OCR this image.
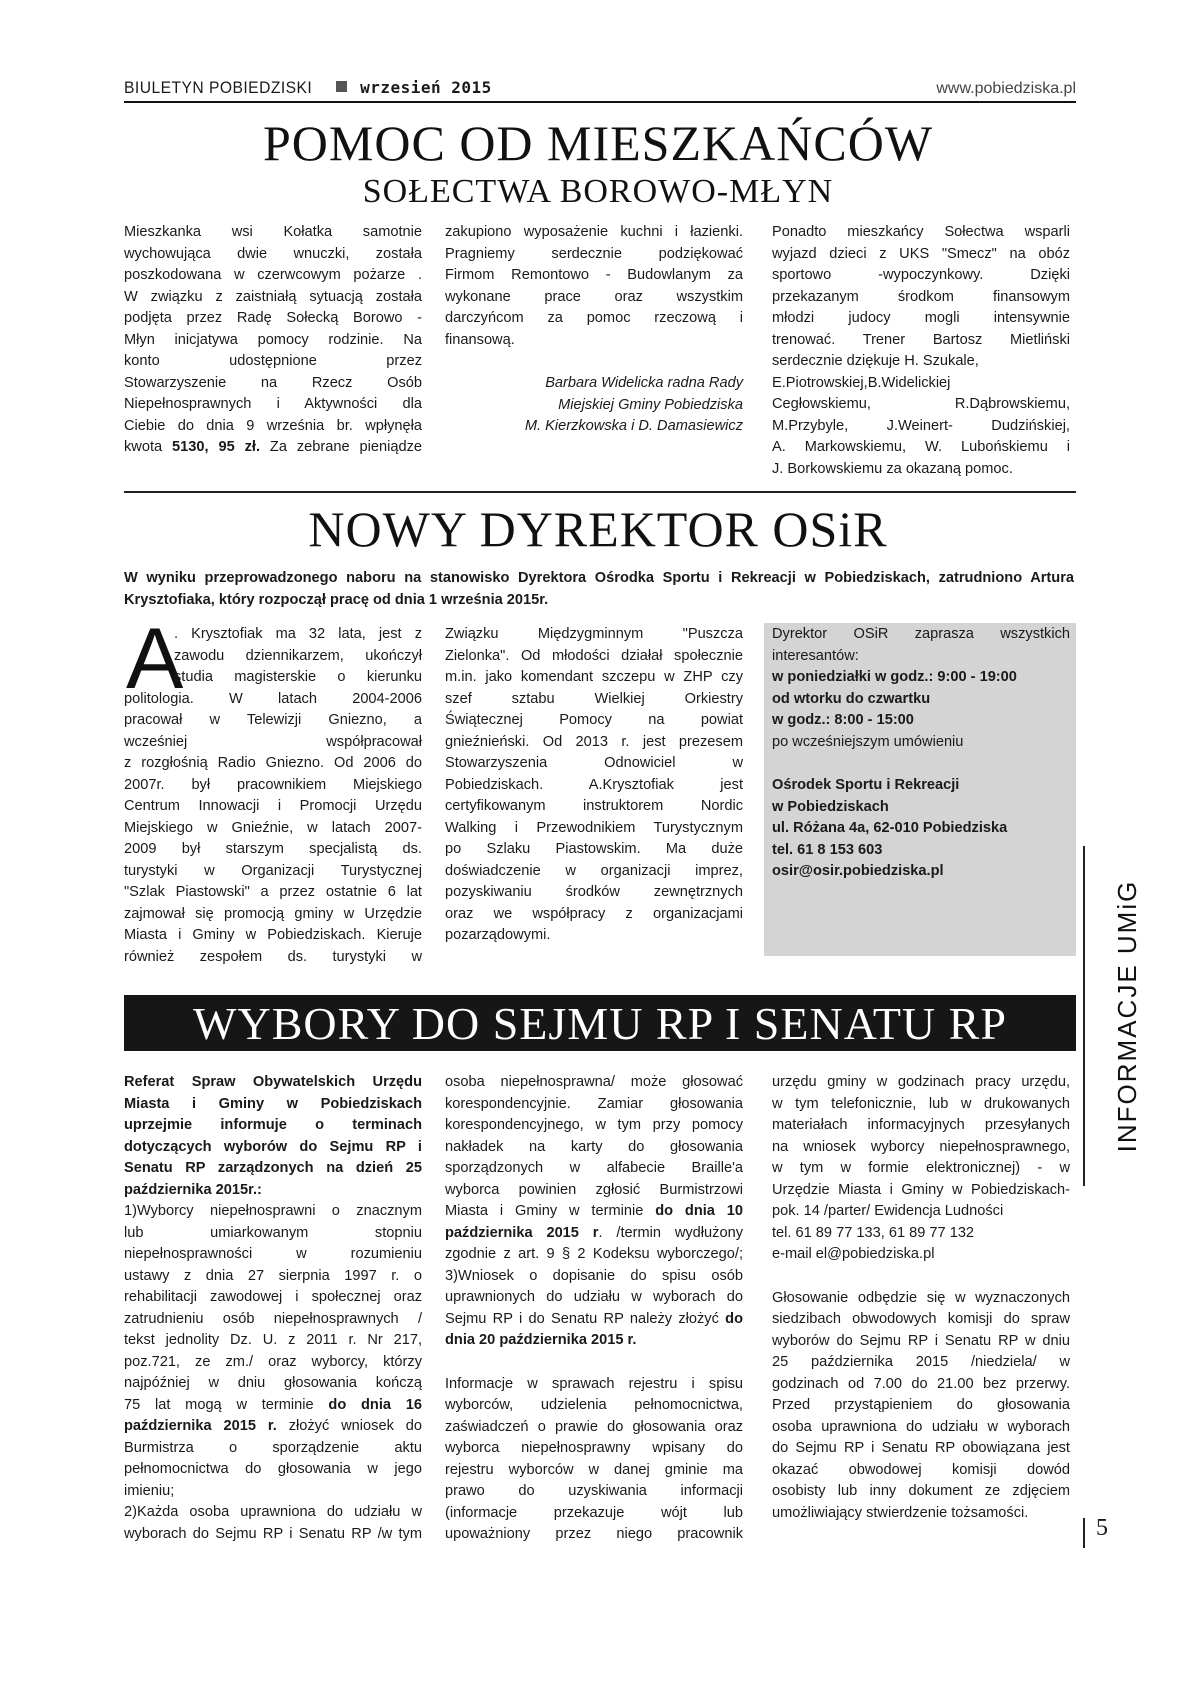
BIULETYN POBIEDZISKI	wrzesień 2015	www.pobiedziska.pl
POMOC OD MIESZKAŃCÓW
SOŁECTWA BOROWO-MŁYN
Mieszkanka wsi Kołatka samotnie
wychowująca dwie wnuczki, została
poszkodowana w czerwcowym pożarze .
W związku z zaistniałą sytuacją została
podjęta przez Radę Sołecką Borowo -
Młyn inicjatywa pomocy rodzinie. Na
konto udostępnione przez
Stowarzyszenie na Rzecz Osób
Niepełnosprawnych i Aktywności dla
Ciebie do dnia 9 września br. wpłynęła
kwota 5130, 95 zł. Za zebrane pieniądze
zakupiono wyposażenie kuchni i łazienki.
Pragniemy serdecznie podziękować
Firmom Remontowo - Budowlanym za
wykonane prace oraz wszystkim
darczyńcom za pomoc rzeczową i
finansową.
Barbara Widelicka radna Rady
Miejskiej Gminy Pobiedziska
M. Kierzkowska i D. Damasiewicz
Ponadto mieszkańcy Sołectwa wsparli
wyjazd dzieci z UKS "Smecz" na obóz
sportowo -wypoczynkowy. Dzięki
przekazanym środkom finansowym
młodzi judocy mogli intensywnie
trenować. Trener Bartosz Mietliński
serdecznie dziękuje H. Szukale,
E.Piotrowskiej,B.Widelickiej
Cegłowskiemu, R.Dąbrowskiemu,
M.Przybyle, J.Weinert- Dudzińskiej,
A. Markowskiemu, W. Lubońskiemu i
J. Borkowskiemu za okazaną pomoc.
NOWY DYREKTOR OSiR
W wyniku przeprowadzonego naboru na stanowisko Dyrektora Ośrodka Sportu i Rekreacji w Pobiedziskach, zatrudniono Artura
Krysztofiaka, który rozpoczął pracę od dnia 1 września 2015r.
A
. Krysztofiak ma 32 lata, jest z
zawodu dziennikarzem, ukończył
studia magisterskie o kierunku
politologia. W latach 2004-2006
pracował w Telewizji Gniezno, a
wcześniej współpracował
z rozgłośnią Radio Gniezno. Od 2006 do
2007r. był pracownikiem Miejskiego
Centrum Innowacji i Promocji Urzędu
Miejskiego w Gnieźnie, w latach 2007-
2009 był starszym specjalistą ds.
turystyki w Organizacji Turystycznej
"Szlak Piastowski" a przez ostatnie 6 lat
zajmował się promocją gminy w Urzędzie
Miasta i Gminy w Pobiedziskach. Kieruje
również zespołem ds. turystyki w
Związku Międzygminnym "Puszcza
Zielonka". Od młodości działał społecznie
m.in. jako komendant szczepu w ZHP czy
szef sztabu Wielkiej Orkiestry
Świątecznej Pomocy na powiat
gnieźnieński. Od 2013 r. jest prezesem
Stowarzyszenia Odnowiciel w
Pobiedziskach. A.Krysztofiak jest
certyfikowanym instruktorem Nordic
Walking i Przewodnikiem Turystycznym
po Szlaku Piastowskim. Ma duże
doświadczenie w organizacji imprez,
pozyskiwaniu środków zewnętrznych
oraz we współpracy z organizacjami
pozarządowymi.
Dyrektor OSiR zaprasza wszystkich
interesantów:
w poniedziałki w godz.: 9:00 - 19:00
od wtorku do czwartku
w godz.: 8:00 - 15:00
po wcześniejszym umówieniu
Ośrodek Sportu i Rekreacji
w Pobiedziskach
ul. Różana 4a, 62-010 Pobiedziska
tel. 61 8 153 603
osir@osir.pobiedziska.pl
INFORMACJE UMiG
5
WYBORY DO SEJMU RP I SENATU RP
Referat Spraw Obywatelskich Urzędu
Miasta i Gminy w Pobiedziskach
uprzejmie informuje o terminach
dotyczących wyborów do Sejmu RP i
Senatu RP zarządzonych na dzień 25
października 2015r.:
1)Wyborcy niepełnosprawni o znacznym
lub umiarkowanym stopniu
niepełnosprawności w rozumieniu
ustawy z dnia 27 sierpnia 1997 r. o
rehabilitacji zawodowej i społecznej oraz
zatrudnieniu osób niepełnosprawnych /
tekst jednolity Dz. U. z 2011 r. Nr 217,
poz.721, ze zm./ oraz wyborcy, którzy
najpóźniej w dniu głosowania kończą
75 lat mogą w terminie do dnia 16
października 2015 r. złożyć wniosek do
Burmistrza o sporządzenie aktu
pełnomocnictwa do głosowania w jego
imieniu;
2)Każda osoba uprawniona do udziału w
wyborach do Sejmu RP i Senatu RP /w tym
osoba niepełnosprawna/ może głosować
korespondencyjnie. Zamiar głosowania
korespondencyjnego, w tym przy pomocy
nakładek na karty do głosowania
sporządzonych w alfabecie Braille'a
wyborca powinien zgłosić Burmistrzowi
Miasta i Gminy w terminie do dnia 10
października 2015 r. /termin wydłużony
zgodnie z art. 9 § 2 Kodeksu wyborczego/;
3)Wniosek o dopisanie do spisu osób
uprawnionych do udziału w wyborach do
Sejmu RP i do Senatu RP należy złożyć do
dnia 20 października 2015 r.
Informacje w sprawach rejestru i spisu
wyborców, udzielenia pełnomocnictwa,
zaświadczeń o prawie do głosowania oraz
wyborca niepełnosprawny wpisany do
rejestru wyborców w danej gminie ma
prawo do uzyskiwania informacji
(informacje przekazuje wójt lub
upoważniony przez niego pracownik
urzędu gminy w godzinach pracy urzędu,
w tym telefonicznie, lub w drukowanych
materiałach informacyjnych przesyłanych
na wniosek wyborcy niepełnosprawnego,
w tym w formie elektronicznej) - w
Urzędzie Miasta i Gminy w Pobiedziskach-
pok. 14 /parter/ Ewidencja Ludności
tel. 61 89 77 133, 61 89 77 132
e-mail el@pobiedziska.pl
Głosowanie odbędzie się w wyznaczonych
siedzibach obwodowych komisji do spraw
wyborów do Sejmu RP i Senatu RP w dniu
25 października 2015 /niedziela/ w
godzinach od 7.00 do 21.00 bez przerwy.
Przed przystąpieniem do głosowania
osoba uprawniona do udziału w wyborach
do Sejmu RP i Senatu RP obowiązana jest
okazać obwodowej komisji dowód
osobisty lub inny dokument ze zdjęciem
umożliwiający stwierdzenie tożsamości.
